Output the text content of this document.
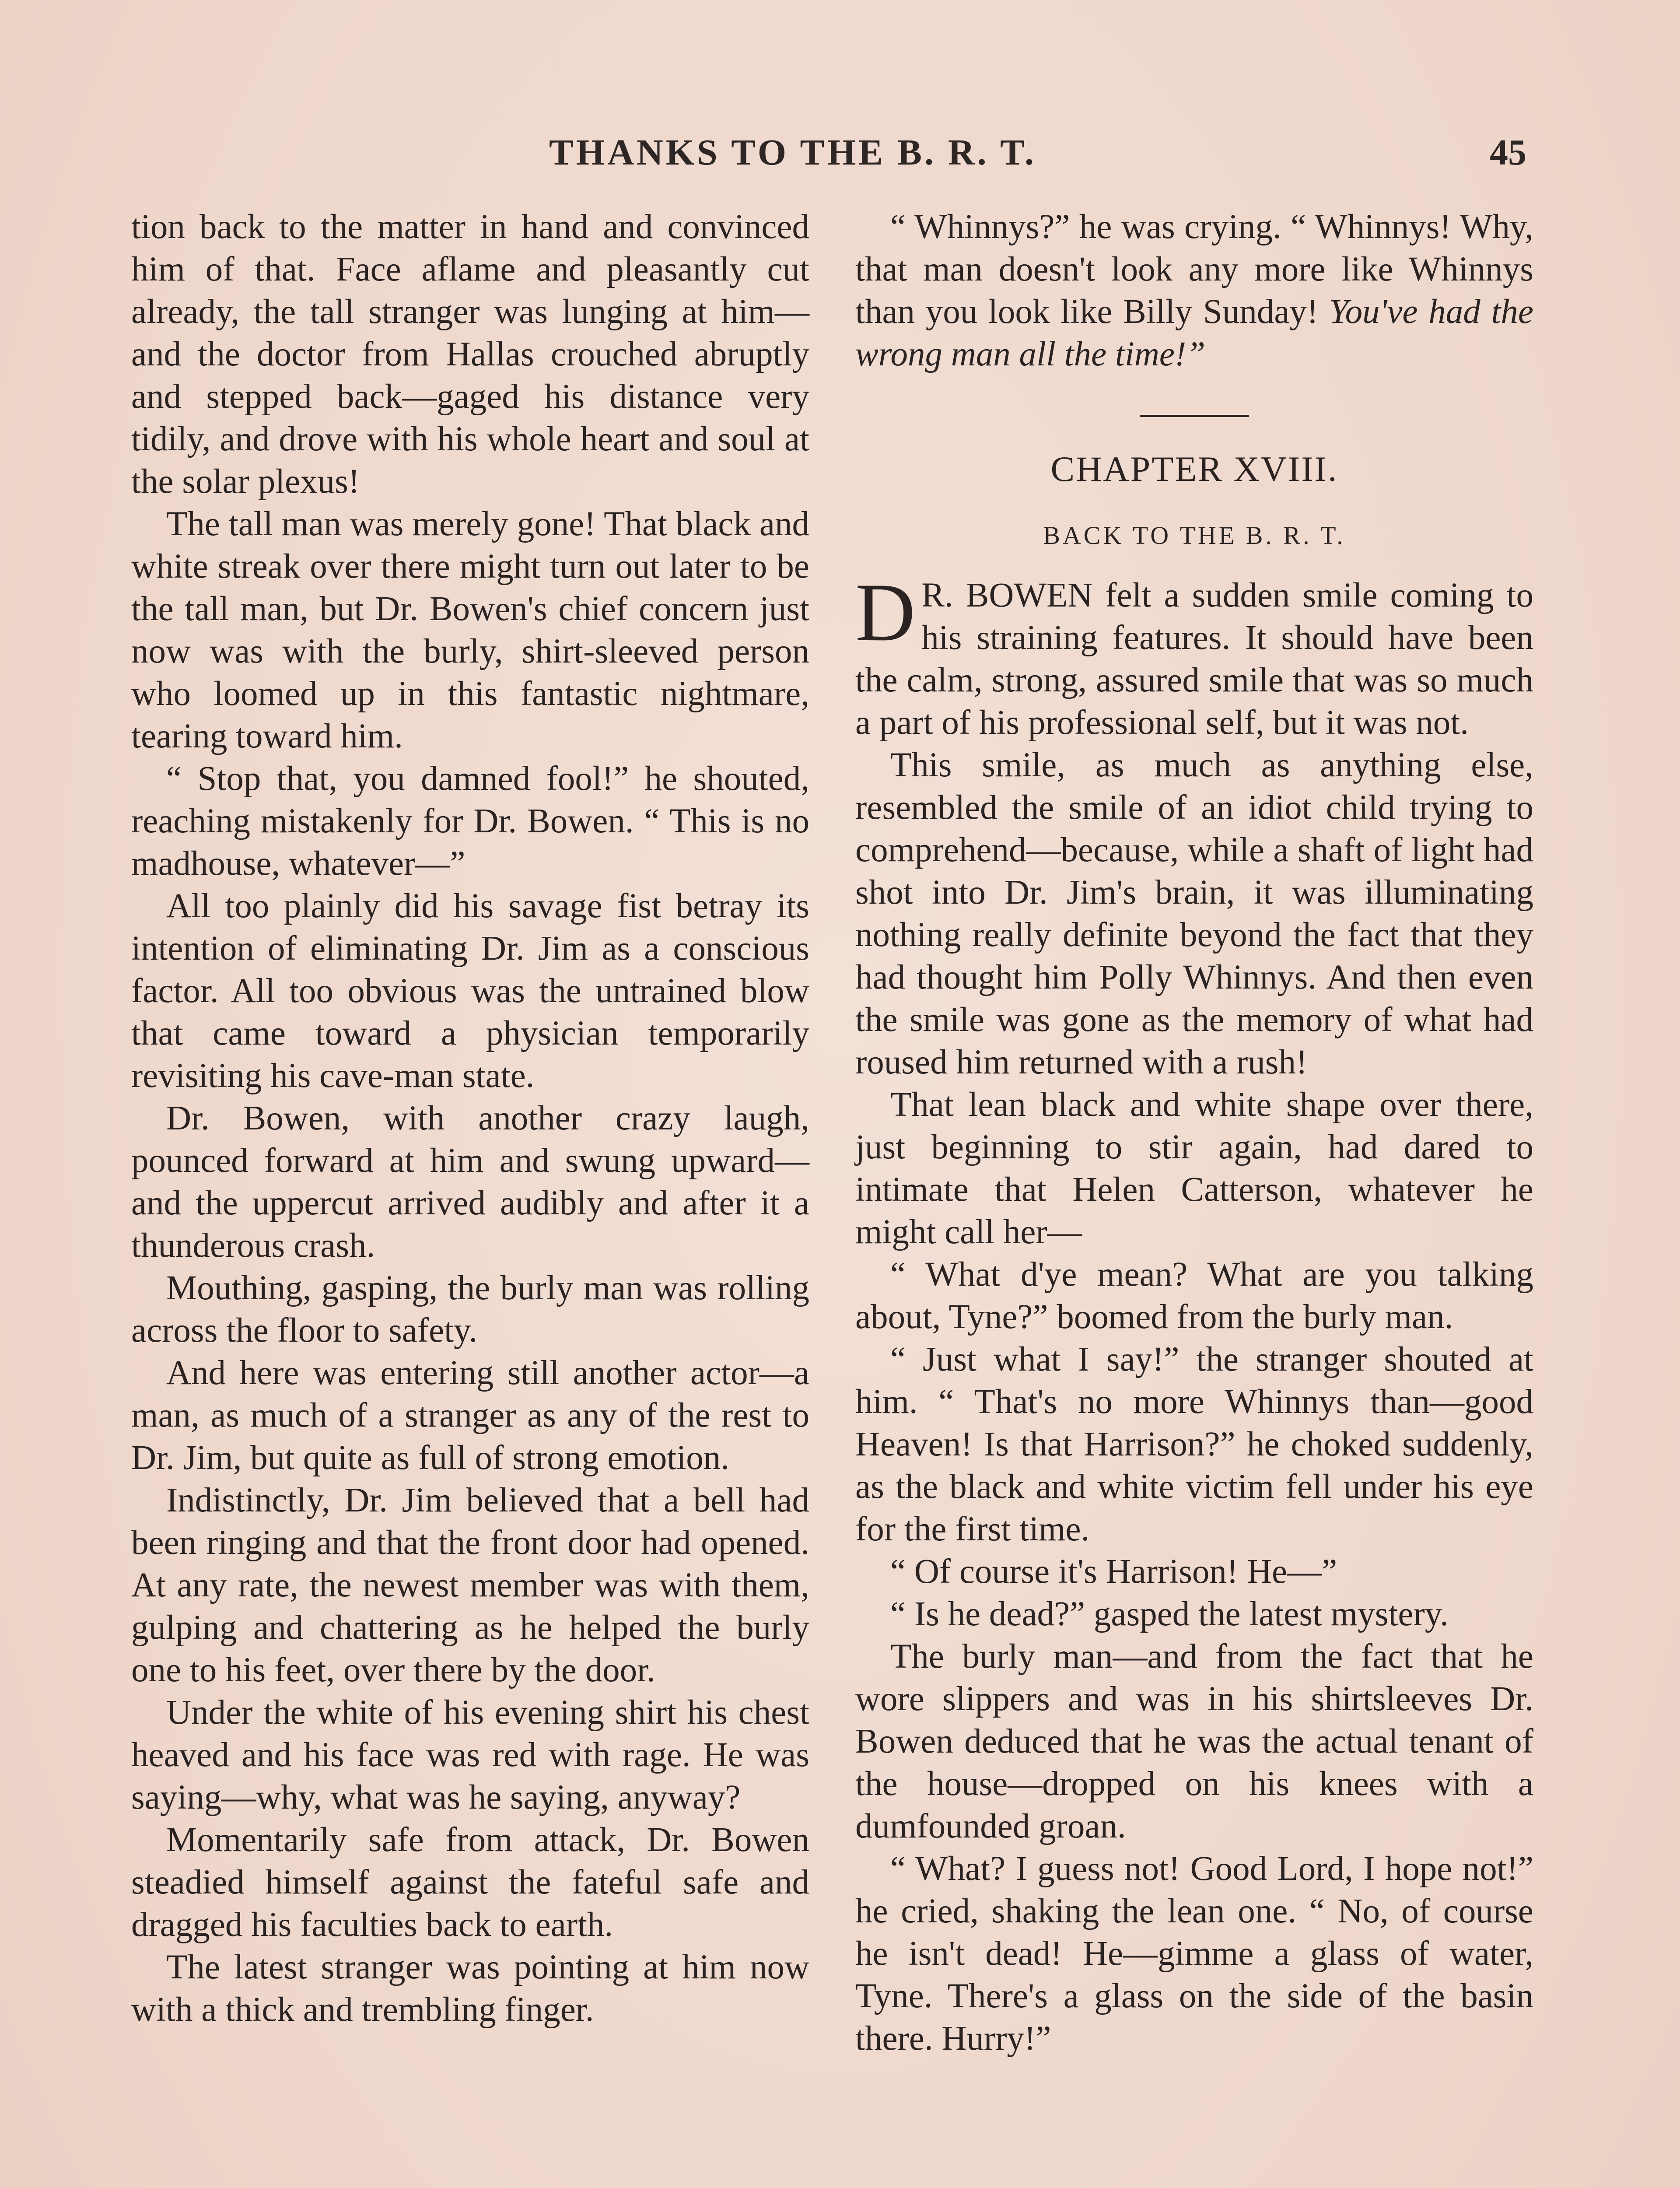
THANKS TO THE B. R. T.	45

tion back to the matter in hand and convinced him of that. Face aflame and pleasantly cut already, the tall stranger was lunging at him—and the doctor from Hallas crouched abruptly and stepped back—gaged his distance very tidily, and drove with his whole heart and soul at the solar plexus!

The tall man was merely gone! That black and white streak over there might turn out later to be the tall man, but Dr. Bowen's chief concern just now was with the burly, shirt-sleeved person who loomed up in this fantastic nightmare, tearing toward him.

“ Stop that, you damned fool!” he shouted, reaching mistakenly for Dr. Bowen. “ This is no madhouse, whatever—”

All too plainly did his savage fist betray its intention of eliminating Dr. Jim as a conscious factor. All too obvious was the untrained blow that came toward a physician temporarily revisiting his cave-man state.

Dr. Bowen, with another crazy laugh, pounced forward at him and swung upward—and the uppercut arrived audibly and after it a thunderous crash.

Mouthing, gasping, the burly man was rolling across the floor to safety.

And here was entering still another actor—a man, as much of a stranger as any of the rest to Dr. Jim, but quite as full of strong emotion.

Indistinctly, Dr. Jim believed that a bell had been ringing and that the front door had opened. At any rate, the newest member was with them, gulping and chattering as he helped the burly one to his feet, over there by the door.

Under the white of his evening shirt his chest heaved and his face was red with rage. He was saying—why, what was he saying, anyway?

Momentarily safe from attack, Dr. Bowen steadied himself against the fateful safe and dragged his faculties back to earth.

The latest stranger was pointing at him now with a thick and trembling finger.

“ Whinnys?” he was crying. “ Whinnys! Why, that man doesn't look any more like Whinnys than you look like Billy Sunday! You've had the wrong man all the time!”

CHAPTER XVIII.

BACK TO THE B. R. T.

D R. BOWEN felt a sudden smile coming to his straining features. It should have been the calm, strong, assured smile that was so much a part of his professional self, but it was not.

This smile, as much as anything else, resembled the smile of an idiot child trying to comprehend—because, while a shaft of light had shot into Dr. Jim's brain, it was illuminating nothing really definite beyond the fact that they had thought him Polly Whinnys. And then even the smile was gone as the memory of what had roused him returned with a rush!

That lean black and white shape over there, just beginning to stir again, had dared to intimate that Helen Catterson, whatever he might call her—

“ What d'ye mean? What are you talking about, Tyne?” boomed from the burly man.

“ Just what I say!” the stranger shouted at him. “ That's no more Whinnys than—good Heaven! Is that Harrison?” he choked suddenly, as the black and white victim fell under his eye for the first time.

“ Of course it's Harrison! He—”

“ Is he dead?” gasped the latest mystery.

The burly man—and from the fact that he wore slippers and was in his shirtsleeves Dr. Bowen deduced that he was the actual tenant of the house—dropped on his knees with a dumfounded groan.

“ What? I guess not! Good Lord, I hope not!” he cried, shaking the lean one. “ No, of course he isn't dead! He—gimme a glass of water, Tyne. There's a glass on the side of the basin there. Hurry!”
